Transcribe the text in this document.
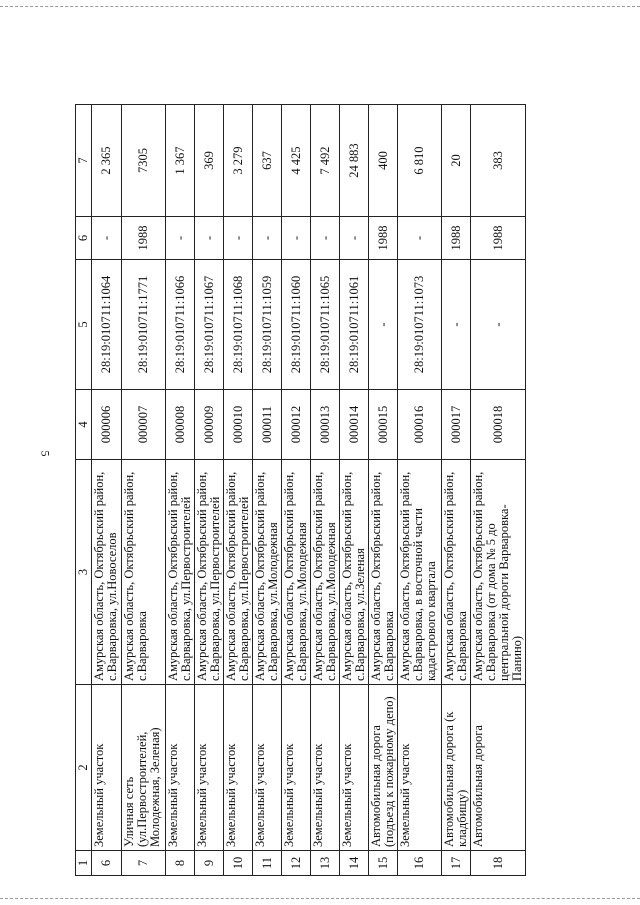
5
1	2	3	4	5	6	7
6	Земельный участок	Амурская область, Октябрьский район, с.Варваровка, ул.Новоселов	000006	28:19:010711:1064	-	2 365
7	Уличная сеть (ул.Первостроителей, Молодежная, Зеленая)	Амурская область, Октябрьский район, с.Варваровка	000007	28:19:010711:1771	1988	7305
8	Земельный участок	Амурская область, Октябрьский район, с.Варваровка, ул.Первостроителей	000008	28:19:010711:1066	-	1 367
9	Земельный участок	Амурская область, Октябрьский район, с.Варваровка, ул.Первостроителей	000009	28:19:010711:1067	-	369
10	Земельный участок	Амурская область, Октябрьский район, с.Варваровка, ул.Первостроителей	000010	28:19:010711:1068	-	3 279
11	Земельный участок	Амурская область, Октябрьский район, с.Варваровка, ул.Молодежная	000011	28:19:010711:1059	-	637
12	Земельный участок	Амурская область, Октябрьский район, с.Варваровка, ул.Молодежная	000012	28:19:010711:1060	-	4 425
13	Земельный участок	Амурская область, Октябрьский район, с.Варваровка, ул.Молодежная	000013	28:19:010711:1065	-	7 492
14	Земельный участок	Амурская область, Октябрьский район, с.Варваровка, ул.Зеленая	000014	28:19:010711:1061	-	24 883
15	Автомобильная дорога (подъезд к пожарному депо)	Амурская область, Октябрьский район, с.Варваровка	000015	-	1988	400
16	Земельный участок	Амурская область, Октябрьский район, с.Варваровка, в восточной части кадастрового квартала	000016	28:19:010711:1073	-	6 810
17	Автомобильная дорога (к кладбищу)	Амурская область, Октябрьский район, с.Варваровка	000017	-	1988	20
18	Автомобильная дорога	Амурская область, Октябрьский район, с.Варваровка (от дома № 5 до центральной дороги Варваровка-Панино)	000018	-	1988	383
